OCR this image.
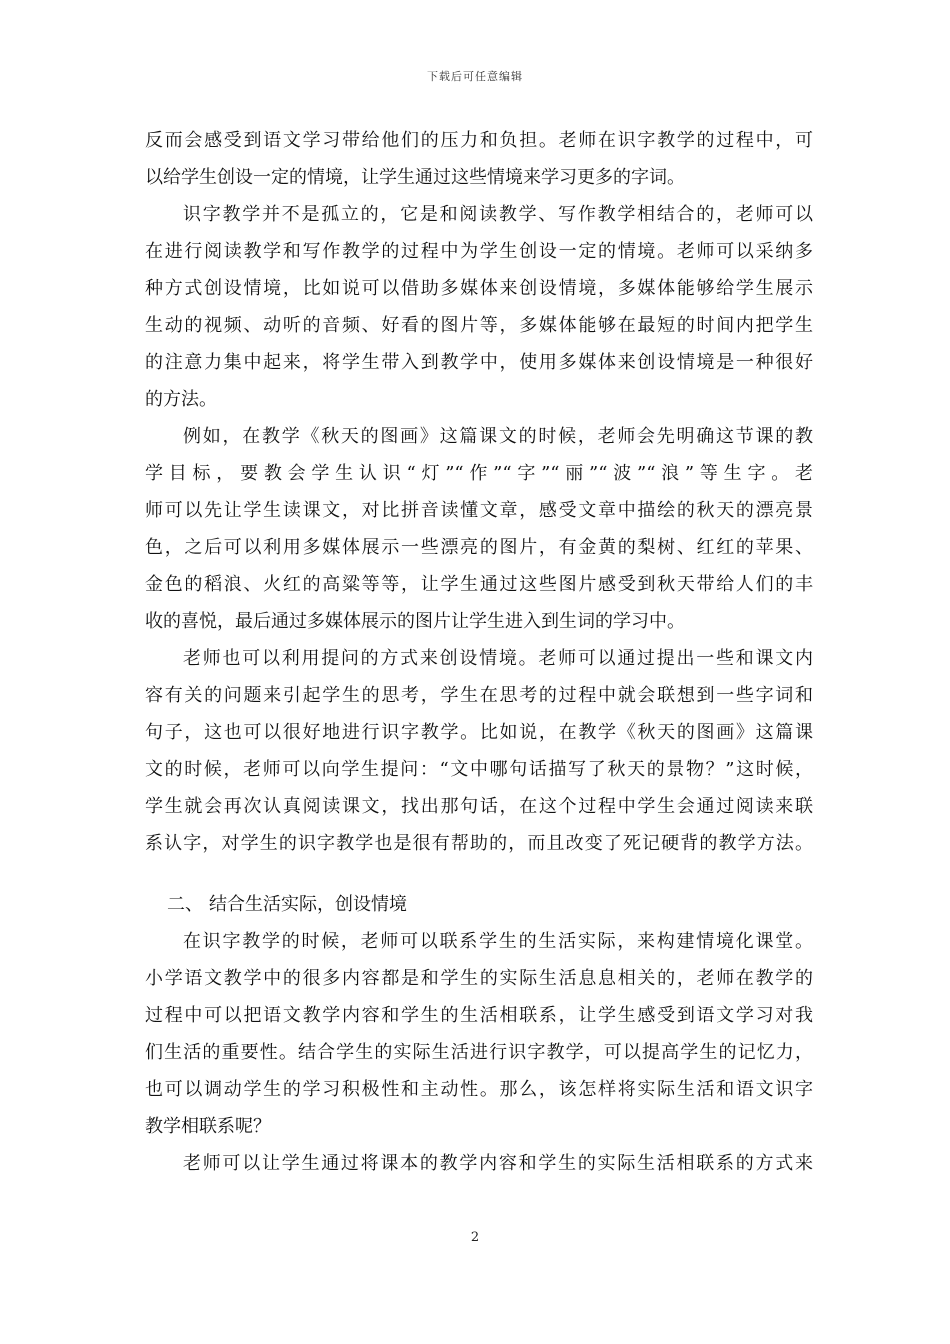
下载后可任意编辑
反而会感受到语文学习带给他们的压力和负担。老师在识字教学的过程中，可
以给学生创设一定的情境，让学生通过这些情境来学习更多的字词。
识字教学并不是孤立的，它是和阅读教学、写作教学相结合的，老师可以
在进行阅读教学和写作教学的过程中为学生创设一定的情境。老师可以采纳多
种方式创设情境，比如说可以借助多媒体来创设情境，多媒体能够给学生展示
生动的视频、动听的音频、好看的图片等，多媒体能够在最短的时间内把学生
的注意力集中起来，将学生带入到教学中，使用多媒体来创设情境是一种很好
的方法。
例如，在教学《秋天的图画》这篇课文的时候，老师会先明确这节课的教
学目标，要教会学生认识“灯”“作”“字”“丽”“波”“浪”等生字。老
师可以先让学生读课文，对比拼音读懂文章，感受文章中描绘的秋天的漂亮景
色，之后可以利用多媒体展示一些漂亮的图片，有金黄的梨树、红红的苹果、
金色的稻浪、火红的高粱等等，让学生通过这些图片感受到秋天带给人们的丰
收的喜悦，最后通过多媒体展示的图片让学生进入到生词的学习中。
老师也可以利用提问的方式来创设情境。老师可以通过提出一些和课文内
容有关的问题来引起学生的思考，学生在思考的过程中就会联想到一些字词和
句子，这也可以很好地进行识字教学。比如说，在教学《秋天的图画》这篇课
文的时候，老师可以向学生提问：“文中哪句话描写了秋天的景物？”这时候，
学生就会再次认真阅读课文，找出那句话，在这个过程中学生会通过阅读来联
系认字，对学生的识字教学也是很有帮助的，而且改变了死记硬背的教学方法。
二、 结合生活实际，创设情境
在识字教学的时候，老师可以联系学生的生活实际，来构建情境化课堂。
小学语文教学中的很多内容都是和学生的实际生活息息相关的，老师在教学的
过程中可以把语文教学内容和学生的生活相联系，让学生感受到语文学习对我
们生活的重要性。结合学生的实际生活进行识字教学，可以提高学生的记忆力，
也可以调动学生的学习积极性和主动性。那么，该怎样将实际生活和语文识字
教学相联系呢？
老师可以让学生通过将课本的教学内容和学生的实际生活相联系的方式来
2
